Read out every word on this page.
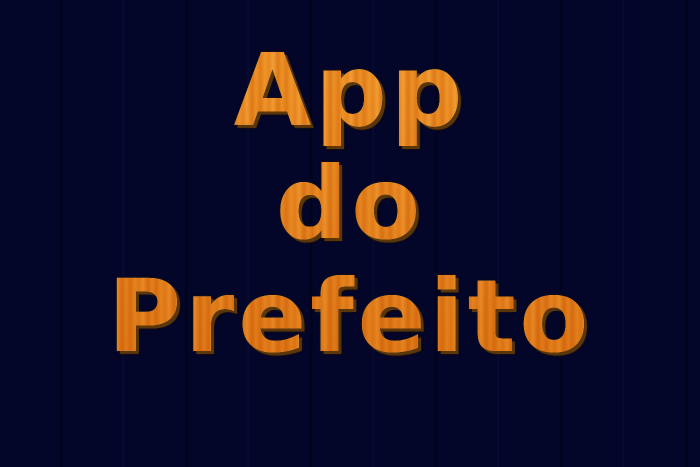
App
do
Prefeito
